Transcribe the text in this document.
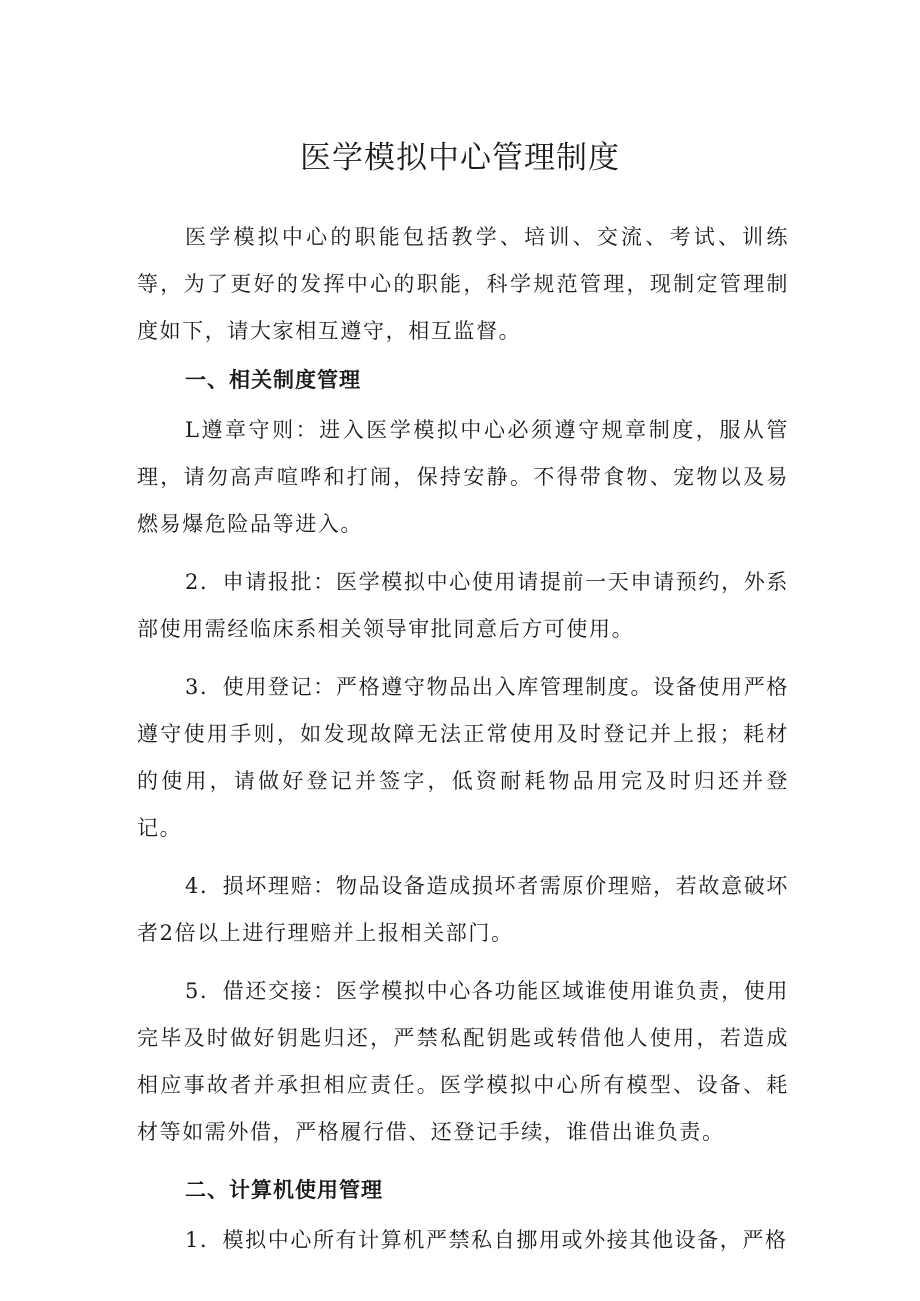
医学模拟中心管理制度

医学模拟中心的职能包括教学、培训、交流、考试、训练等，为了更好的发挥中心的职能，科学规范管理，现制定管理制度如下，请大家相互遵守，相互监督。

一、相关制度管理

L遵章守则：进入医学模拟中心必须遵守规章制度，服从管理，请勿高声喧哗和打闹，保持安静。不得带食物、宠物以及易燃易爆危险品等进入。

2．申请报批：医学模拟中心使用请提前一天申请预约，外系部使用需经临床系相关领导审批同意后方可使用。

3．使用登记：严格遵守物品出入库管理制度。设备使用严格遵守使用手则，如发现故障无法正常使用及时登记并上报；耗材的使用，请做好登记并签字，低资耐耗物品用完及时归还并登记。

4．损坏理赔：物品设备造成损坏者需原价理赔，若故意破坏者2倍以上进行理赔并上报相关部门。

5．借还交接：医学模拟中心各功能区域谁使用谁负责，使用完毕及时做好钥匙归还，严禁私配钥匙或转借他人使用，若造成相应事故者并承担相应责任。医学模拟中心所有模型、设备、耗材等如需外借，严格履行借、还登记手续，谁借出谁负责。

二、计算机使用管理

1．模拟中心所有计算机严禁私自挪用或外接其他设备，严格
